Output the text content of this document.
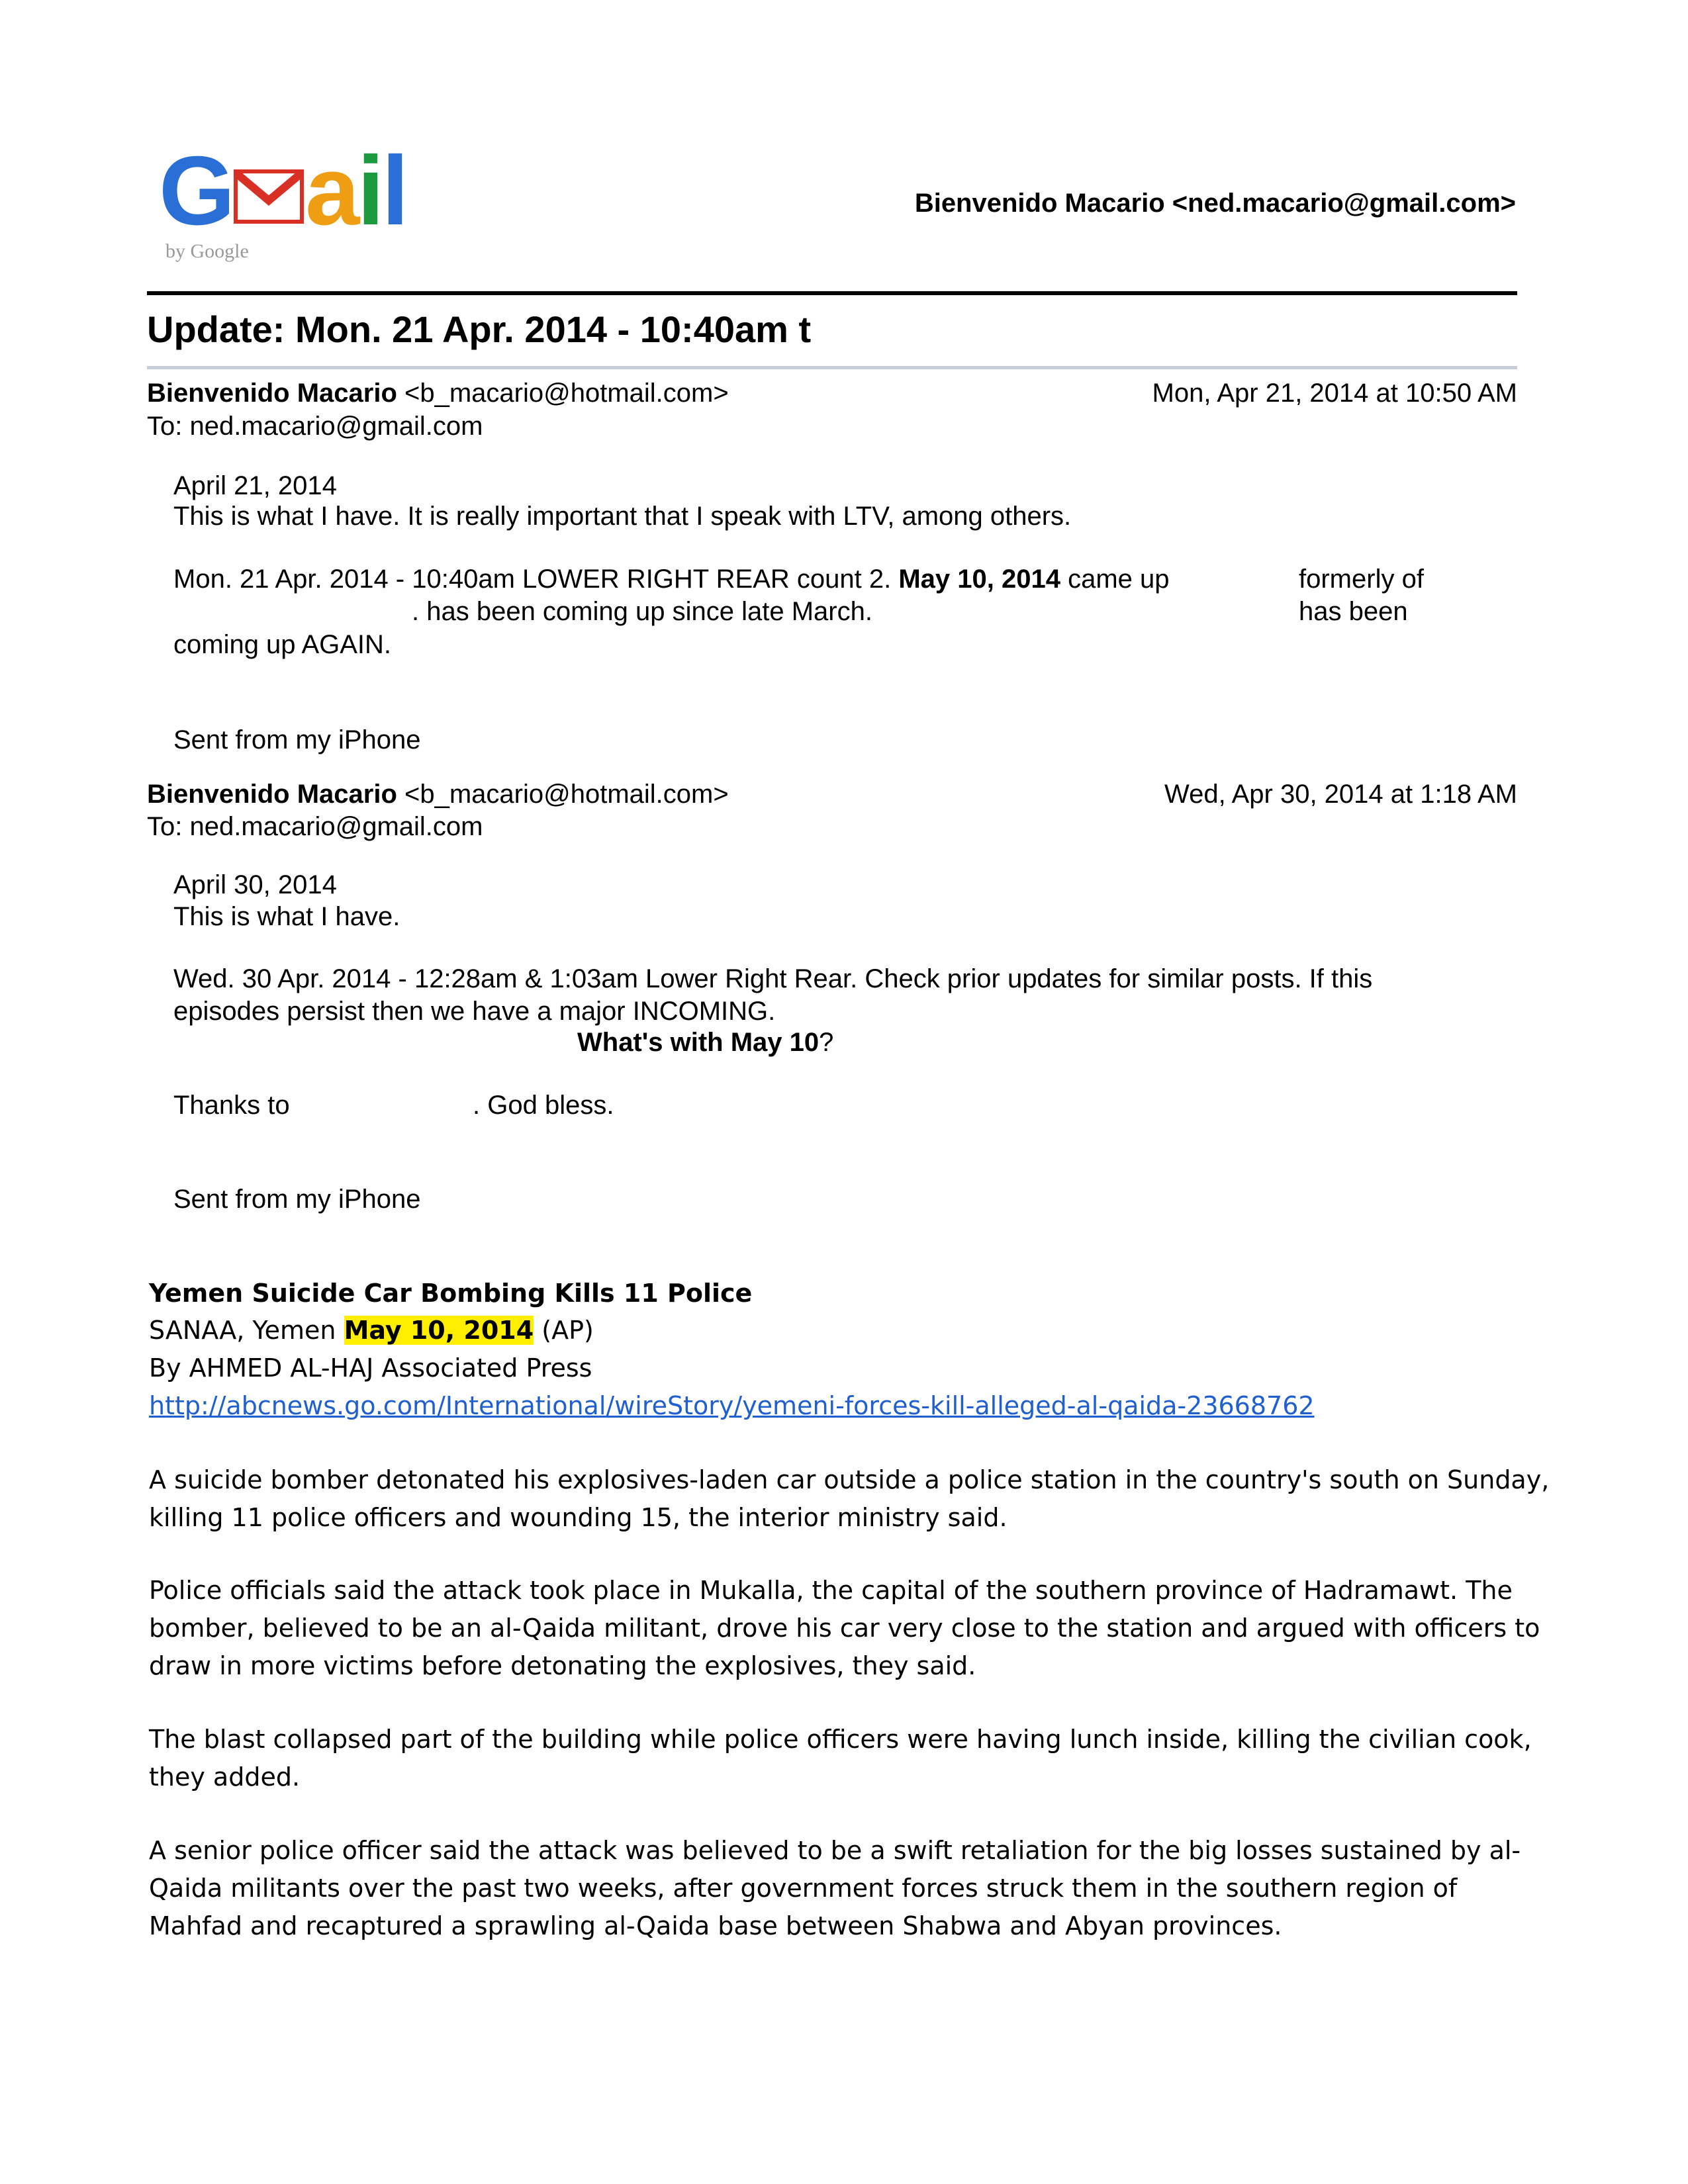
G ail
by Google
Bienvenido Macario <ned.macario@gmail.com>
Update: Mon. 21 Apr. 2014 - 10:40am t
Bienvenido Macario <b_macario@hotmail.com>	Mon, Apr 21, 2014 at 10:50 AM
To: ned.macario@gmail.com
April 21, 2014
This is what I have. It is really important that I speak with LTV, among others.
Mon. 21 Apr. 2014 - 10:40am LOWER RIGHT REAR count 2. May 10, 2014 came up	formerly of
. has been coming up since late March.	has been
coming up AGAIN.
Sent from my iPhone
Bienvenido Macario <b_macario@hotmail.com>	Wed, Apr 30, 2014 at 1:18 AM
To: ned.macario@gmail.com
April 30, 2014
This is what I have.
Wed. 30 Apr. 2014 - 12:28am & 1:03am Lower Right Rear. Check prior updates for similar posts. If this
episodes persist then we have a major INCOMING.
What's with May 10?
Thanks to	. God bless.
Sent from my iPhone
Yemen Suicide Car Bombing Kills 11 Police
SANAA, Yemen May 10, 2014 (AP)
By AHMED AL-HAJ Associated Press
http://abcnews.go.com/International/wireStory/yemeni-forces-kill-alleged-al-qaida-23668762
A suicide bomber detonated his explosives-laden car outside a police station in the country's south on Sunday,
killing 11 police officers and wounding 15, the interior ministry said.
Police officials said the attack took place in Mukalla, the capital of the southern province of Hadramawt. The
bomber, believed to be an al-Qaida militant, drove his car very close to the station and argued with officers to
draw in more victims before detonating the explosives, they said.
The blast collapsed part of the building while police officers were having lunch inside, killing the civilian cook,
they added.
A senior police officer said the attack was believed to be a swift retaliation for the big losses sustained by al-
Qaida militants over the past two weeks, after government forces struck them in the southern region of
Mahfad and recaptured a sprawling al-Qaida base between Shabwa and Abyan provinces.
